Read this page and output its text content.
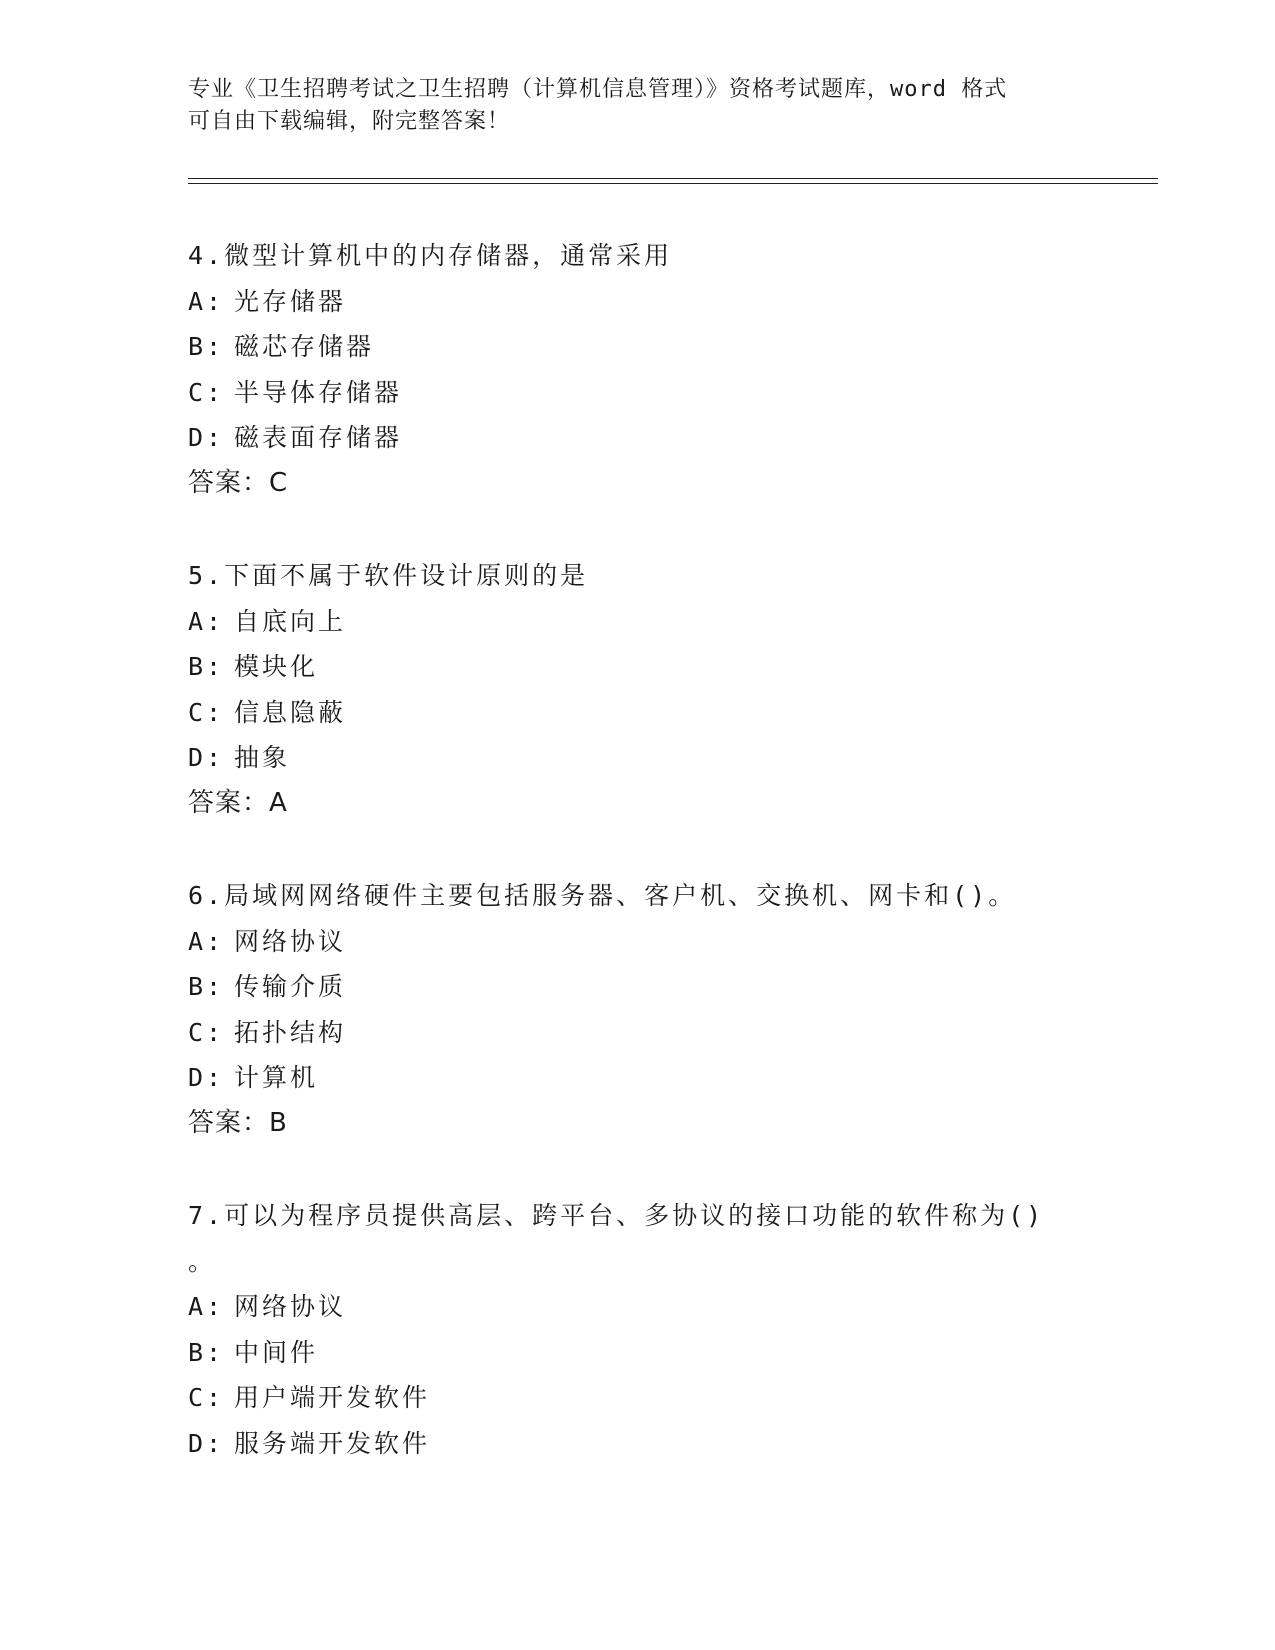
专业《卫生招聘考试之卫生招聘（计算机信息管理）》资格考试题库，word 格式
可自由下载编辑，附完整答案！
4.微型计算机中的内存储器，通常采用
A: 光存储器
B: 磁芯存储器
C: 半导体存储器
D: 磁表面存储器
答案：C
5.下面不属于软件设计原则的是
A: 自底向上
B: 模块化
C: 信息隐蔽
D: 抽象
答案：A
6.局域网网络硬件主要包括服务器、客户机、交换机、网卡和()。
A: 网络协议
B: 传输介质
C: 拓扑结构
D: 计算机
答案：B
7.可以为程序员提供高层、跨平台、多协议的接口功能的软件称为()
。
A: 网络协议
B: 中间件
C: 用户端开发软件
D: 服务端开发软件
